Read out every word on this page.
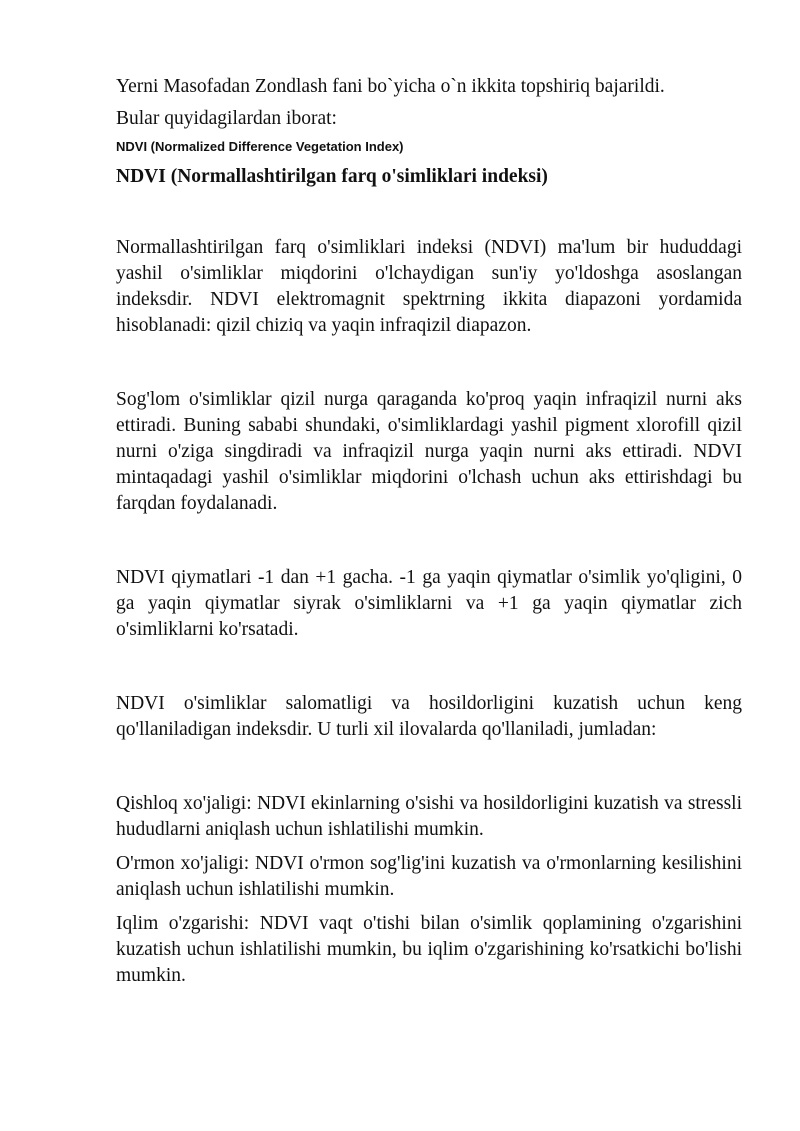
Yerni Masofadan Zondlash fani bo`yicha o`n ikkita topshiriq bajarildi.

Bular quyidagilardan iborat:

NDVI (Normalized Difference Vegetation Index)

NDVI (Normallashtirilgan farq o'simliklari indeksi)

Normallashtirilgan farq o'simliklari indeksi (NDVI) ma'lum bir hududdagi yashil o'simliklar miqdorini o'lchaydigan sun'iy yo'ldoshga asoslangan indeksdir. NDVI elektromagnit spektrning ikkita diapazoni yordamida hisoblanadi: qizil chiziq va yaqin infraqizil diapazon.

Sog'lom o'simliklar qizil nurga qaraganda ko'proq yaqin infraqizil nurni aks ettiradi. Buning sababi shundaki, o'simliklardagi yashil pigment xlorofill qizil nurni o'ziga singdiradi va infraqizil nurga yaqin nurni aks ettiradi. NDVI mintaqadagi yashil o'simliklar miqdorini o'lchash uchun aks ettirishdagi bu farqdan foydalanadi.

NDVI qiymatlari -1 dan +1 gacha. -1 ga yaqin qiymatlar o'simlik yo'qligini, 0 ga yaqin qiymatlar siyrak o'simliklarni va +1 ga yaqin qiymatlar zich o'simliklarni ko'rsatadi.

NDVI o'simliklar salomatligi va hosildorligini kuzatish uchun keng qo'llaniladigan indeksdir. U turli xil ilovalarda qo'llaniladi, jumladan:

Qishloq xo'jaligi: NDVI ekinlarning o'sishi va hosildorligini kuzatish va stressli hududlarni aniqlash uchun ishlatilishi mumkin.

O'rmon xo'jaligi: NDVI o'rmon sog'lig'ini kuzatish va o'rmonlarning kesilishini aniqlash uchun ishlatilishi mumkin.

Iqlim o'zgarishi: NDVI vaqt o'tishi bilan o'simlik qoplamining o'zgarishini kuzatish uchun ishlatilishi mumkin, bu iqlim o'zgarishining ko'rsatkichi bo'lishi mumkin.
